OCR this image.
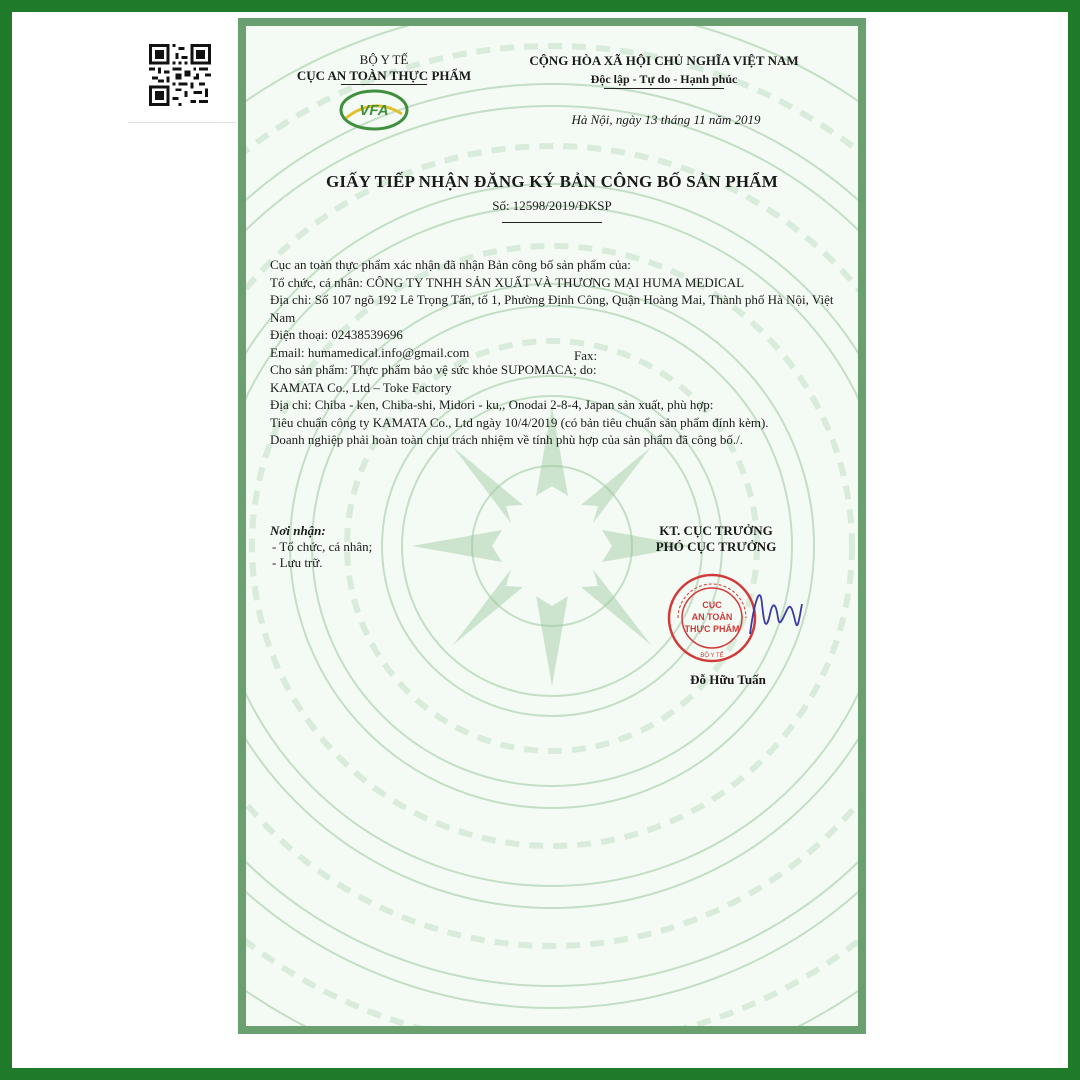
BỘ Y TẾ
CỤC AN TOÀN THỰC PHẨM
VFA
CỘNG HÒA XÃ HỘI CHỦ NGHĨA VIỆT NAM
Độc lập - Tự do - Hạnh phúc
Hà Nội, ngày 13 tháng 11 năm 2019
GIẤY TIẾP NHẬN ĐĂNG KÝ BẢN CÔNG BỐ SẢN PHẨM
Số: 12598/2019/ĐKSP

Cục an toàn thực phẩm xác nhận đã nhận Bản công bố sản phẩm của:

Tổ chức, cá nhân: CÔNG TY TNHH SẢN XUẤT VÀ THƯƠNG MẠI HUMA MEDICAL

Địa chỉ: Số 107 ngõ 192 Lê Trọng Tấn, tổ 1, Phường Định Công, Quận Hoàng Mai, Thành phố Hà Nội, Việt Nam

Điện thoại: 02438539696

Email: humamedical.info@gmail.com

Cho sản phẩm: Thực phẩm bảo vệ sức khỏe SUPOMACA; do:

KAMATA Co., Ltd – Toke Factory

Địa chỉ: Chiba - ken, Chiba-shi, Midori - ku,, Onodai 2-8-4, Japan sản xuất, phù hợp:

Tiêu chuẩn công ty KAMATA Co., Ltd ngày 10/4/2019 (có bản tiêu chuẩn sản phẩm đính kèm).

Doanh nghiệp phải hoàn toàn chịu trách nhiệm về tính phù hợp của sản phẩm đã công bố./.

Fax:
Nơi nhận:
- Tổ chức, cá nhân;
- Lưu trữ.
KT. CỤC TRƯỞNG
PHÓ CỤC TRƯỞNG
CỤC
AN TOÀN
THỰC PHẨM
BỘ Y TẾ
Đỗ Hữu Tuấn
